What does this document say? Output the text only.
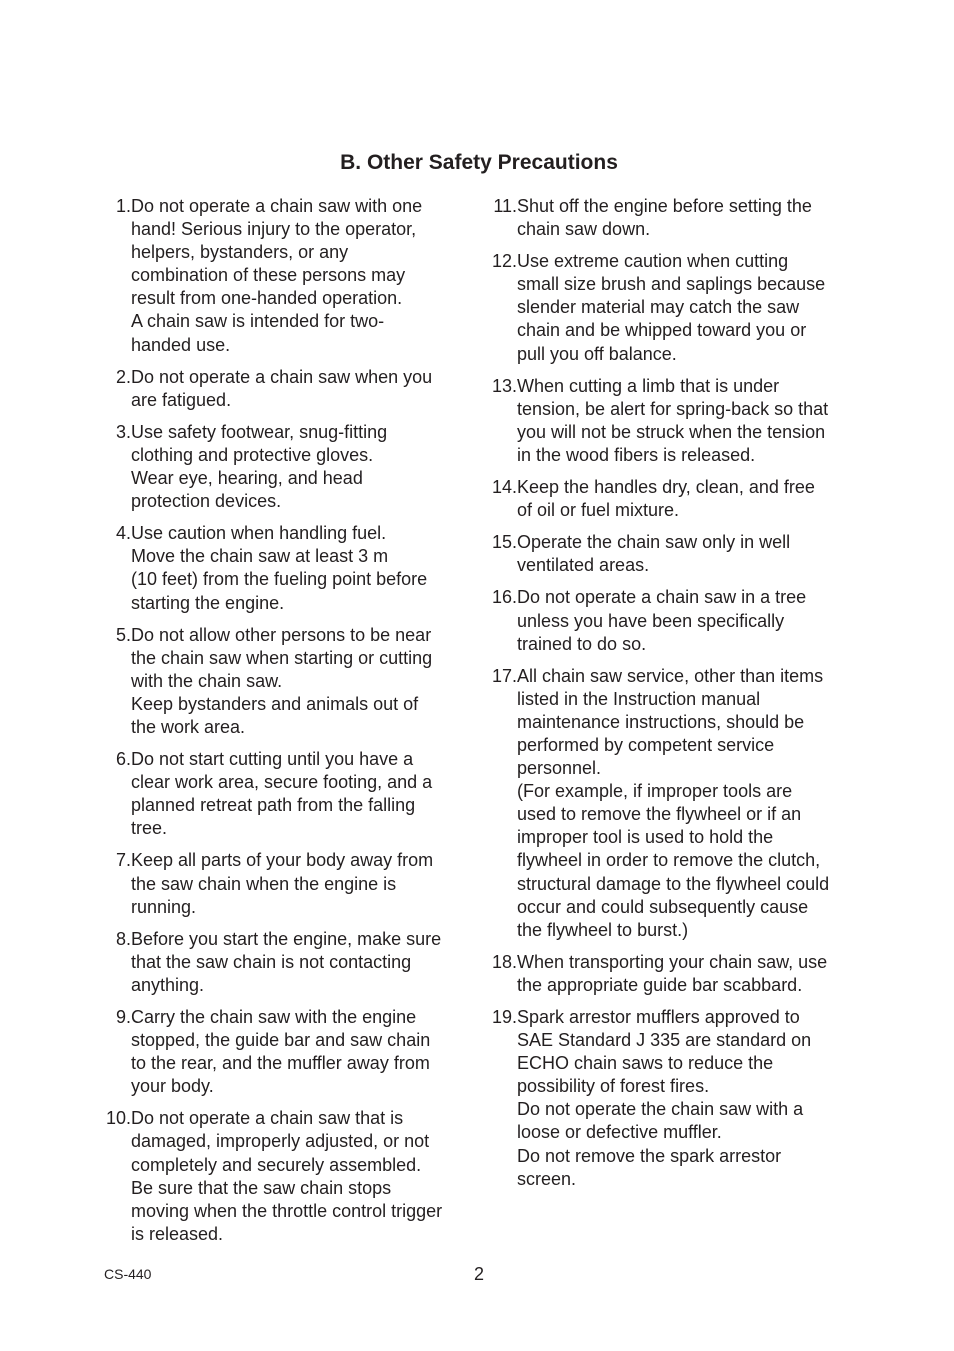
B. Other Safety Precautions
1. Do not operate a chain saw with one
hand! Serious injury to the operator,
helpers, bystanders, or any
combination of these persons may
result from one-handed operation.
A chain saw is intended for two-
handed use.
2. Do not operate a chain saw when you
are fatigued.
3. Use safety footwear, snug-fitting
clothing and protective gloves.
Wear eye, hearing, and head
protection devices.
4. Use caution when handling fuel.
Move the chain saw at least 3 m
(10 feet) from the fueling point before
starting the engine.
5. Do not allow other persons to be near
the chain saw when starting or cutting
with the chain saw.
Keep bystanders and animals out of
the work area.
6. Do not start cutting until you have a
clear work area, secure footing, and a
planned retreat path from the falling
tree.
7. Keep all parts of your body away from
the saw chain when the engine is
running.
8. Before you start the engine, make sure
that the saw chain is not contacting
anything.
9. Carry the chain saw with the engine
stopped, the guide bar and saw chain
to the rear, and the muffler away from
your body.
10. Do not operate a chain saw that is
damaged, improperly adjusted, or not
completely and securely assembled.
Be sure that the saw chain stops
moving when the throttle control trigger
is released.
11. Shut off the engine before setting the
chain saw down.
12. Use extreme caution when cutting
small size brush and saplings because
slender material may catch the saw
chain and be whipped toward you or
pull you off balance.
13. When cutting a limb that is under
tension, be alert for spring-back so that
you will not be struck when the tension
in the wood fibers is released.
14. Keep the handles dry, clean, and free
of oil or fuel mixture.
15. Operate the chain saw only in well
ventilated areas.
16. Do not operate a chain saw in a tree
unless you have been specifically
trained to do so.
17. All chain saw service, other than items
listed in the Instruction manual
maintenance instructions, should be
performed by competent service
personnel.
(For example, if improper tools are
used to remove the flywheel or if an
improper tool is used to hold the
flywheel in order to remove the clutch,
structural damage to the flywheel could
occur and could subsequently cause
the flywheel to burst.)
18. When transporting your chain saw, use
the appropriate guide bar scabbard.
19. Spark arrestor mufflers approved to
SAE Standard J 335 are standard on
ECHO chain saws to reduce the
possibility of forest fires.
Do not operate the chain saw with a
loose or defective muffler.
Do not remove the spark arrestor
screen.
CS-440	2
